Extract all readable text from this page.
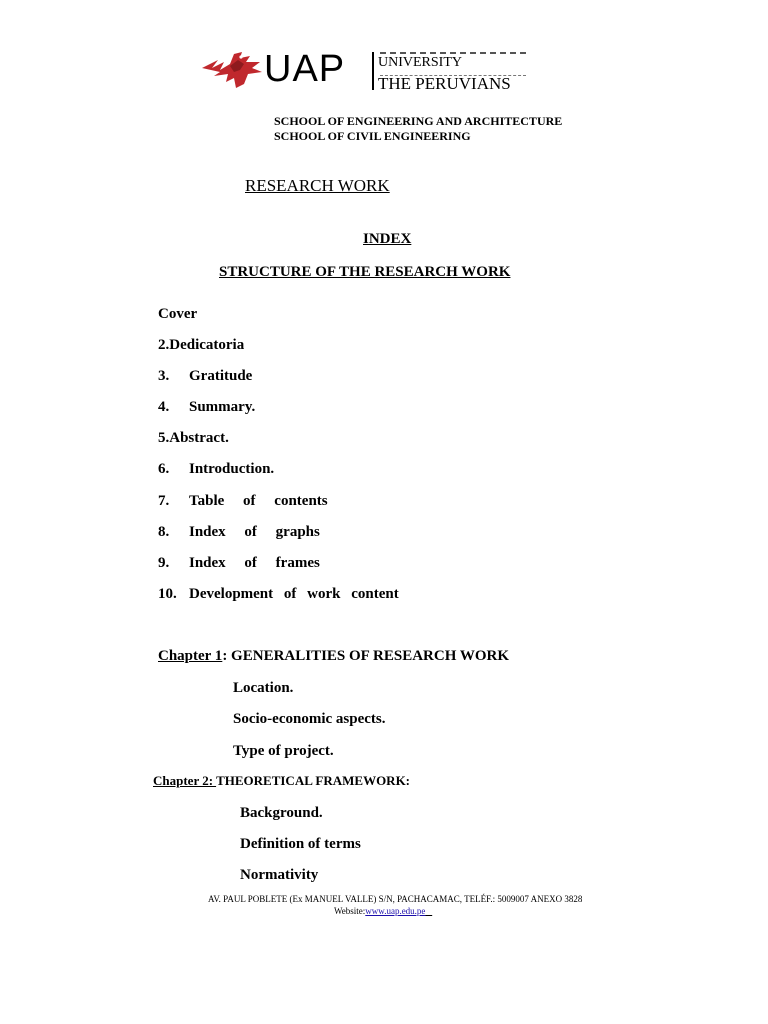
UAP UNIVERSITY
THE PERUVIANS
SCHOOL OF ENGINEERING AND ARCHITECTURE
SCHOOL OF CIVIL ENGINEERING
RESEARCH WORK
INDEX
STRUCTURE OF THE RESEARCH WORK
Cover
2.Dedicatoria
3. Gratitude
4. Summary.
5.Abstract.
6. Introduction.
7. Table of contents
8. Index of graphs
9. Index of frames
10. Development of work content
Chapter 1: GENERALITIES OF RESEARCH WORK
Location.
Socio-economic aspects.
Type of project.
Chapter 2: THEORETICAL FRAMEWORK:
Background.
Definition of terms
Normativity
AV. PAUL POBLETE (Ex MANUEL VALLE) S/N, PACHACAMAC, TELÉF.: 5009007 ANEXO 3828
Website:www.uap.edu.pe
